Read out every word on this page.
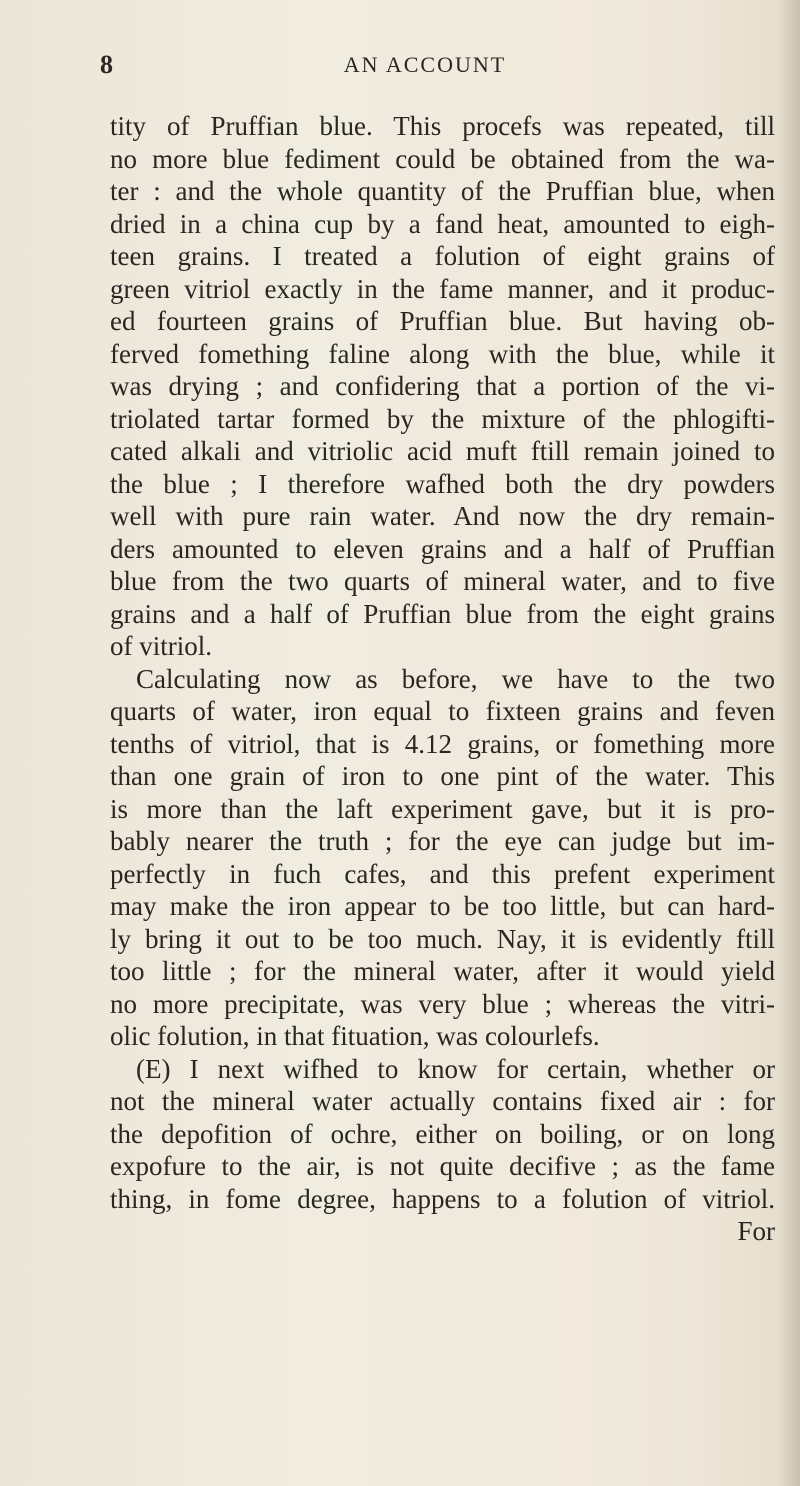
8	AN ACCOUNT
tity of Pruffian blue. This procefs was repeated, till
no more blue fediment could be obtained from the wa-
ter : and the whole quantity of the Pruffian blue, when
dried in a china cup by a fand heat, amounted to eigh-
teen grains. I treated a folution of eight grains of
green vitriol exactly in the fame manner, and it produc-
ed fourteen grains of Pruffian blue. But having ob-
ferved fomething faline along with the blue, while it
was drying ; and confidering that a portion of the vi-
triolated tartar formed by the mixture of the phlogifti-
cated alkali and vitriolic acid muft ftill remain joined to
the blue ; I therefore wafhed both the dry powders
well with pure rain water. And now the dry remain-
ders amounted to eleven grains and a half of Pruffian
blue from the two quarts of mineral water, and to five
grains and a half of Pruffian blue from the eight grains
of vitriol.
Calculating now as before, we have to the two
quarts of water, iron equal to fixteen grains and feven
tenths of vitriol, that is 4.12 grains, or fomething more
than one grain of iron to one pint of the water. This
is more than the laft experiment gave, but it is pro-
bably nearer the truth ; for the eye can judge but im-
perfectly in fuch cafes, and this prefent experiment
may make the iron appear to be too little, but can hard-
ly bring it out to be too much. Nay, it is evidently ftill
too little ; for the mineral water, after it would yield
no more precipitate, was very blue ; whereas the vitri-
olic folution, in that fituation, was colourlefs.
(E) I next wifhed to know for certain, whether or
not the mineral water actually contains fixed air : for
the depofition of ochre, either on boiling, or on long
expofure to the air, is not quite decifive ; as the fame
thing, in fome degree, happens to a folution of vitriol.
For
